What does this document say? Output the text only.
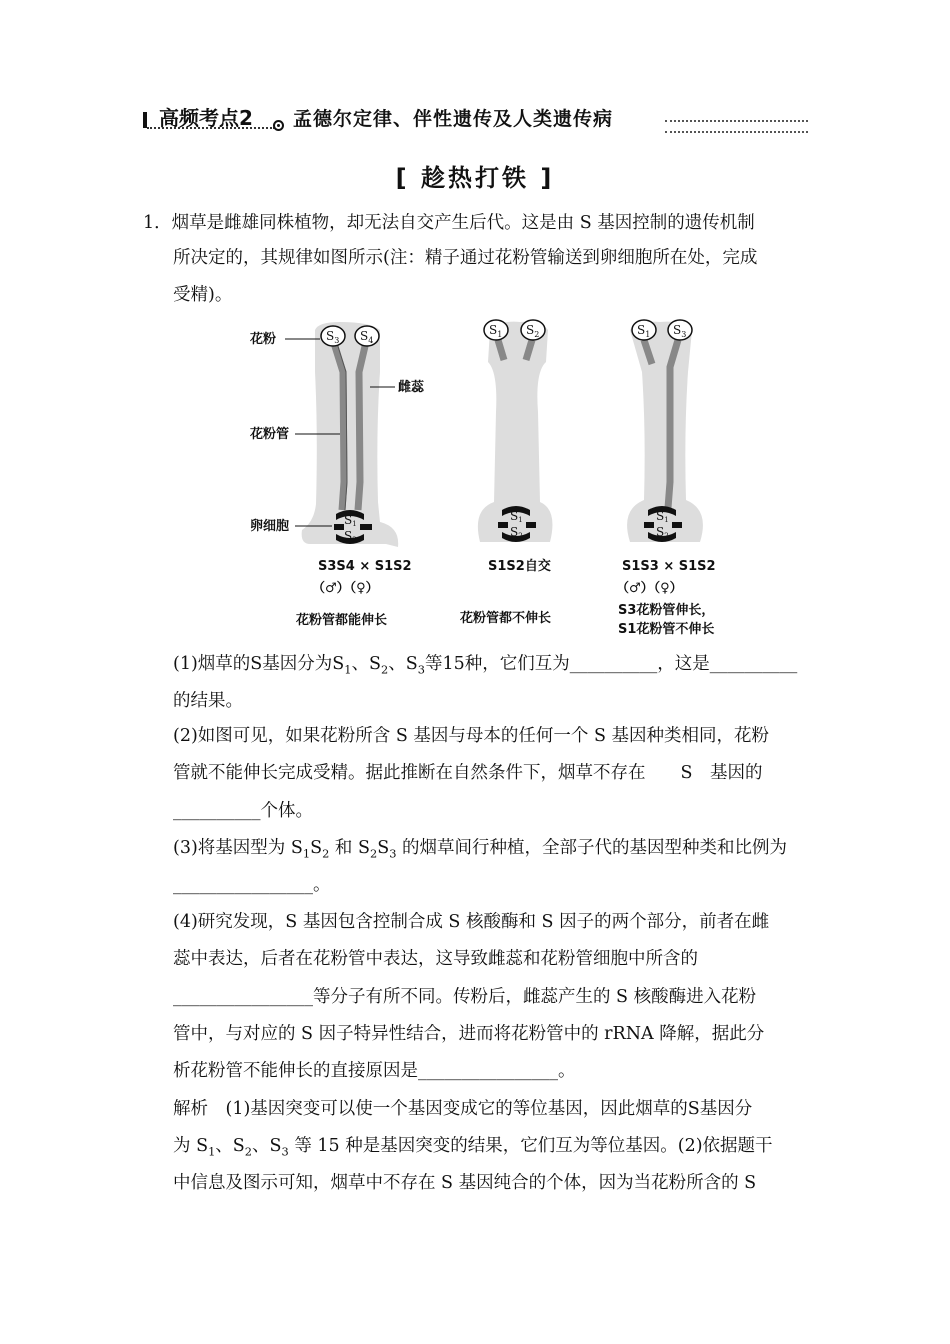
高频考点2 孟德尔定律、伴性遗传及人类遗传病
[ 趁热打铁 ]
1．烟草是雌雄同株植物，却无法自交产生后代。这是由 S 基因控制的遗传机制
所决定的，其规律如图所示(注：精子通过花粉管输送到卵细胞所在处，完成
受精)。
$S_3$ $S_4$
S1
S2
花粉
雌蕊
花粉管
卵细胞
$S_1$ $S_2$
S1
S2
$S_1$ $S_3$
S1
S2
S3S4 × S1S2
（♂）（♀）
花粉管都能伸长
S1S2自交
花粉管都不伸长
S1S3 × S1S2
（♂）（♀）
S3花粉管伸长，
S1花粉管不伸长
(1)烟草的S基因分为$S_1$、$S_2$、$S_3$等15种，它们互为__________，这是__________
的结果。
(2)如图可见，如果花粉所含 S 基因与母本的任何一个 S 基因种类相同，花粉
管就不能伸长完成受精。据此推断在自然条件下，烟草不存在　　S　基因的
__________个体。
(3)将基因型为 $S_1S_2$ 和 $S_2S_3$ 的烟草间行种植，全部子代的基因型种类和比例为
________________。
(4)研究发现，S 基因包含控制合成 S 核酸酶和 S 因子的两个部分，前者在雌
蕊中表达，后者在花粉管中表达，这导致雌蕊和花粉管细胞中所含的
________________等分子有所不同。传粉后，雌蕊产生的 S 核酸酶进入花粉
管中，与对应的 S 因子特异性结合，进而将花粉管中的 rRNA 降解，据此分
析花粉管不能伸长的直接原因是________________。
解析　(1)基因突变可以使一个基因变成它的等位基因，因此烟草的S基因分
为 $S_1$、$S_2$、$S_3$ 等 15 种是基因突变的结果，它们互为等位基因。(2)依据题干
中信息及图示可知，烟草中不存在 S 基因纯合的个体，因为当花粉所含的 S
